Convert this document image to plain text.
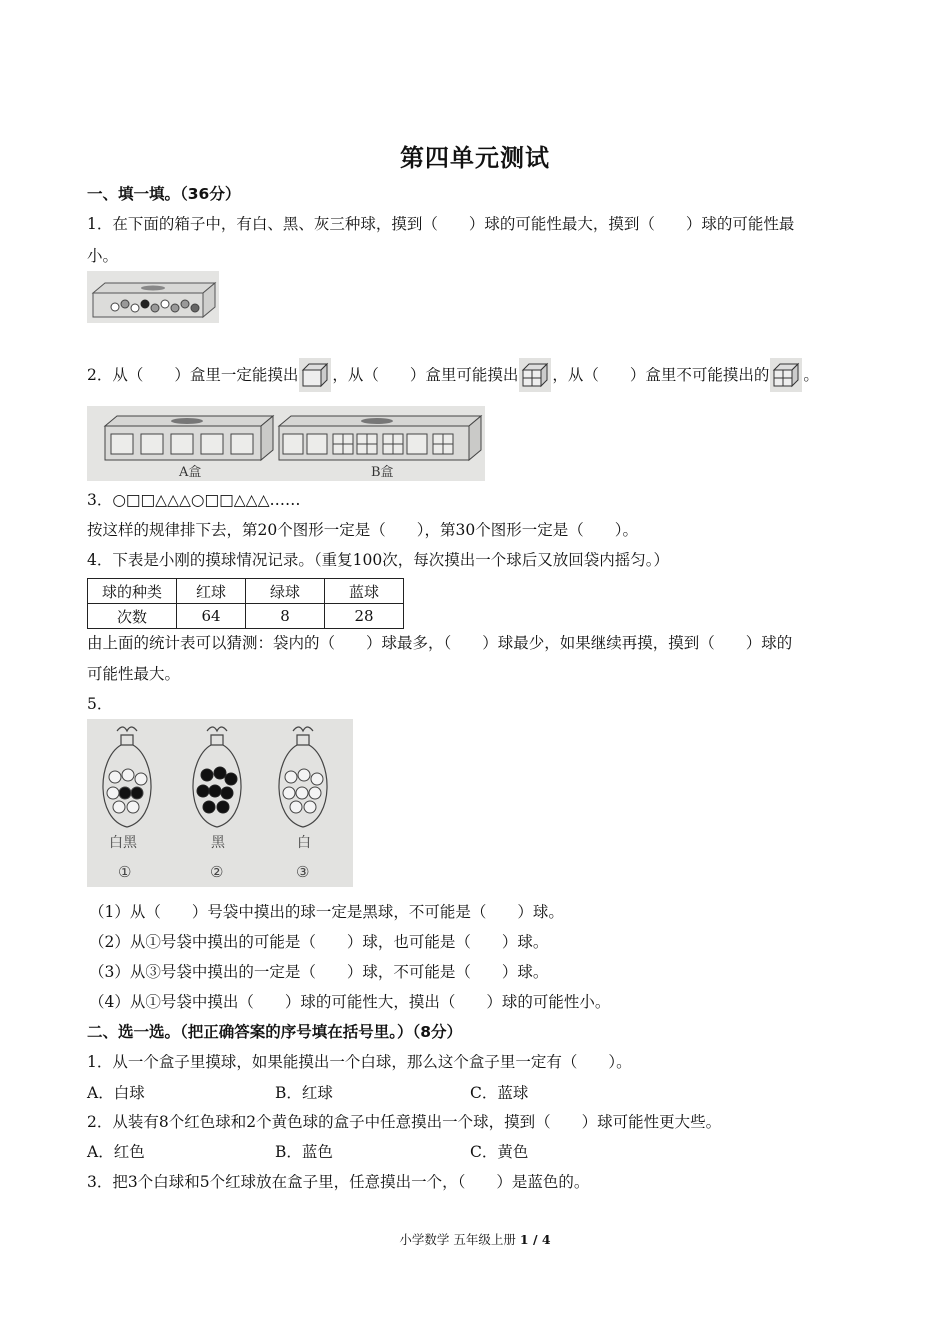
第四单元测试
一、填一填。（36分）
1．在下面的箱子中，有白、黑、灰三种球，摸到（　　）球的可能性最大，摸到（　　）球的可能性最
小。
2．从（　　）盒里一定能摸出 ，从（　　）盒里可能摸出 ，从（　　）盒里不可能摸出的 。
A盒	B盒
3．○□□△△△○□□△△△……
按这样的规律排下去，第20个图形一定是（　　），第30个图形一定是（　　）。
4．下表是小刚的摸球情况记录。（重复100次，每次摸出一个球后又放回袋内摇匀。）
球的种类	红球	绿球	蓝球
次数	64	8	28
由上面的统计表可以猜测：袋内的（　　）球最多，（　　）球最少，如果继续再摸，摸到（　　）球的
可能性最大。
5．
白黑
①
黑
②
白
③
（1）从（　　）号袋中摸出的球一定是黑球，不可能是（　　）球。
（2）从①号袋中摸出的可能是（　　）球，也可能是（　　）球。
（3）从③号袋中摸出的一定是（　　）球，不可能是（　　）球。
（4）从①号袋中摸出（　　）球的可能性大，摸出（　　）球的可能性小。
二、选一选。（把正确答案的序号填在括号里。）（8分）
1．从一个盒子里摸球，如果能摸出一个白球，那么这个盒子里一定有（　　）。
A．白球	B．红球	C．蓝球
2．从装有8个红色球和2个黄色球的盒子中任意摸出一个球，摸到（　　）球可能性更大些。
A．红色	B．蓝色	C．黄色
3．把3个白球和5个红球放在盒子里，任意摸出一个，（　　）是蓝色的。
小学数学 五年级上册 1 / 4
